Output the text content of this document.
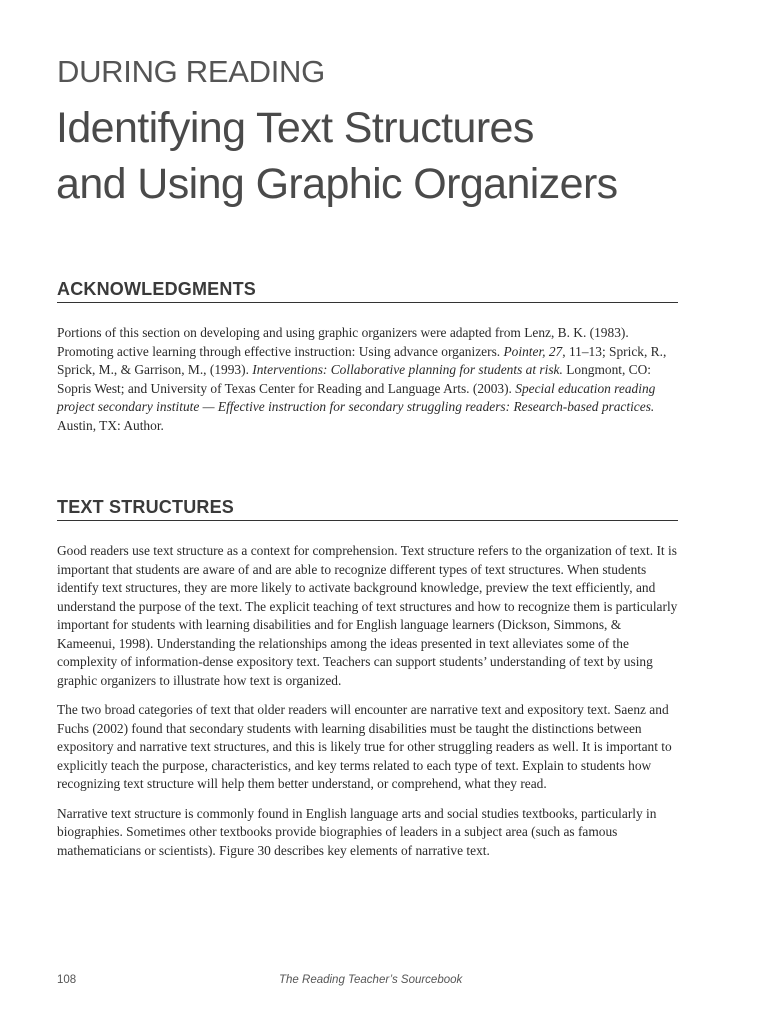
DURING READING
Identifying Text Structures
and Using Graphic Organizers
ACKNOWLEDGMENTS

Portions of this section on developing and using graphic organizers were adapted from Lenz, B. K. (1983). Promoting active learning through effective instruction: Using advance organizers. Pointer, 27, 11–13; Sprick, R., Sprick, M., & Garrison, M., (1993). Interventions: Collaborative planning for students at risk. Longmont, CO: Sopris West; and University of Texas Center for Reading and Language Arts. (2003). Special education reading project secondary institute — Effective instruction for secondary struggling readers: Research-based practices. Austin, TX: Author.

TEXT STRUCTURES

Good readers use text structure as a context for comprehension. Text structure refers to the organization of text. It is important that students are aware of and are able to recognize different types of text structures. When students identify text structures, they are more likely to activate background knowledge, preview the text efficiently, and understand the purpose of the text. The explicit teaching of text structures and how to recognize them is particularly important for students with learning disabilities and for English language learners (Dickson, Simmons, & Kameenui, 1998). Understanding the relationships among the ideas presented in text alleviates some of the complexity of information-dense expository text. Teachers can support students’ understanding of text by using graphic organizers to illustrate how text is organized.

The two broad categories of text that older readers will encounter are narrative text and expository text. Saenz and Fuchs (2002) found that secondary students with learning disabilities must be taught the distinctions between expository and narrative text structures, and this is likely true for other struggling readers as well. It is important to explicitly teach the purpose, characteristics, and key terms related to each type of text. Explain to students how recognizing text structure will help them better understand, or comprehend, what they read.

Narrative text structure is commonly found in English language arts and social studies textbooks, particularly in biographies. Sometimes other textbooks provide biographies of leaders in a subject area (such as famous mathematicians or scientists). Figure 30 describes key elements of narrative text.

108	The Reading Teacher’s Sourcebook
